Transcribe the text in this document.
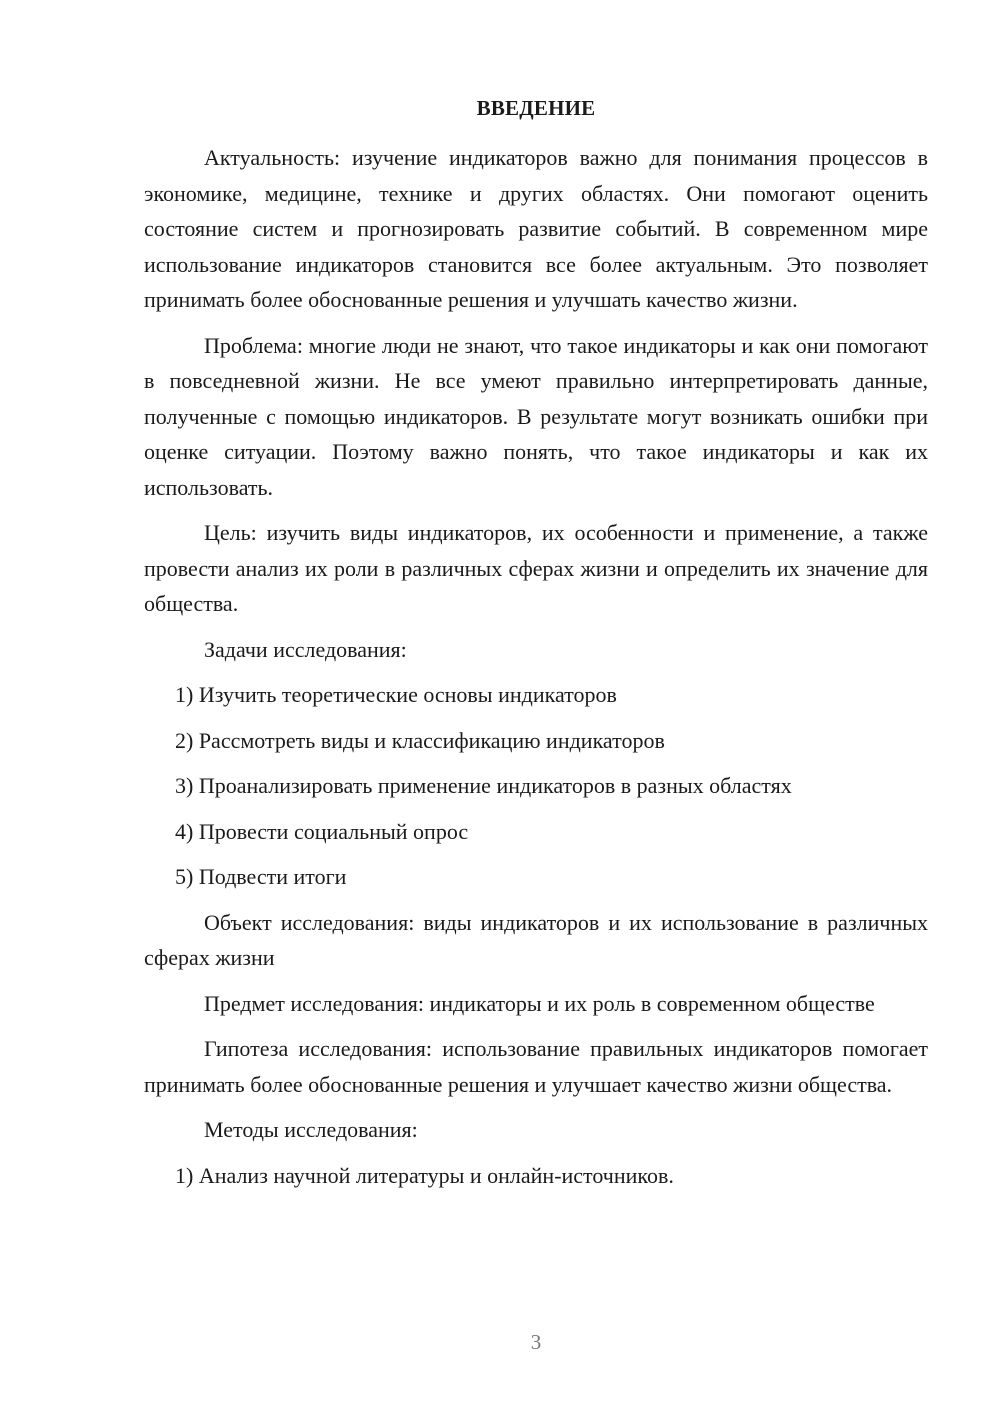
ВВЕДЕНИЕ

Актуальность: изучение индикаторов важно для понимания процессов в экономике, медицине, технике и других областях. Они помогают оценить состояние систем и прогнозировать развитие событий. В современном мире использование индикаторов становится все более актуальным. Это позволяет принимать более обоснованные решения и улучшать качество жизни.

Проблема: многие люди не знают, что такое индикаторы и как они помогают в повседневной жизни. Не все умеют правильно интерпретировать данные, полученные с помощью индикаторов. В результате могут возникать ошибки при оценке ситуации. Поэтому важно понять, что такое индикаторы и как их использовать.

Цель: изучить виды индикаторов, их особенности и применение, а также провести анализ их роли в различных сферах жизни и определить их значение для общества.

Задачи исследования:

1) Изучить теоретические основы индикаторов
2) Рассмотреть виды и классификацию индикаторов
3) Проанализировать применение индикаторов в разных областях
4) Провести социальный опрос
5) Подвести итоги

Объект исследования: виды индикаторов и их использование в различных сферах жизни

Предмет исследования: индикаторы и их роль в современном обществе

Гипотеза исследования: использование правильных индикаторов помогает принимать более обоснованные решения и улучшает качество жизни общества.

Методы исследования:

1) Анализ научной литературы и онлайн-источников.
3
